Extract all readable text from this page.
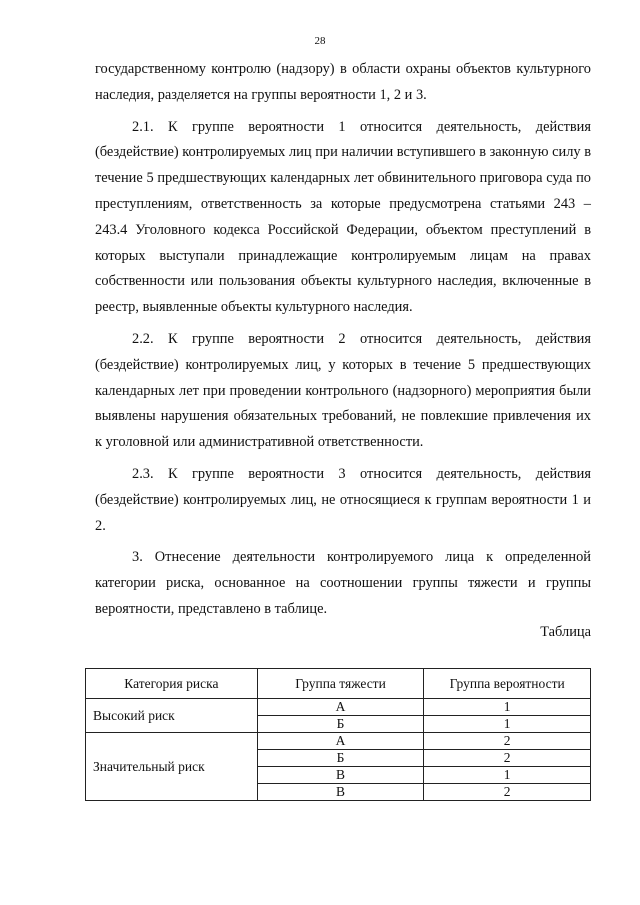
28

государственному контролю (надзору) в области охраны объектов культурного наследия, разделяется на группы вероятности 1, 2 и 3.

2.1. К группе вероятности 1 относится деятельность, действия (бездействие) контролируемых лиц при наличии вступившего в законную силу в течение 5 предшествующих календарных лет обвинительного приговора суда по преступлениям, ответственность за которые предусмотрена статьями 243 – 243.4 Уголовного кодекса Российской Федерации, объектом преступлений в которых выступали принадлежащие контролируемым лицам на правах собственности или пользования объекты культурного наследия, включенные в реестр, выявленные объекты культурного наследия.

2.2. К группе вероятности 2 относится деятельность, действия (бездействие) контролируемых лиц, у которых в течение 5 предшествующих календарных лет при проведении контрольного (надзорного) мероприятия были выявлены нарушения обязательных требований, не повлекшие привлечения их к уголовной или административной ответственности.

2.3. К группе вероятности 3 относится деятельность, действия (бездействие) контролируемых лиц, не относящиеся к группам вероятности 1 и 2.

3. Отнесение деятельности контролируемого лица к определенной категории риска, основанное на соотношении группы тяжести и группы вероятности, представлено в таблице.

Таблица
Категория риска	Группа тяжести	Группа вероятности
Высокий риск	А	1
	Б	1
Значительный риск	А	2
	Б	2
	В	1
	В	2
